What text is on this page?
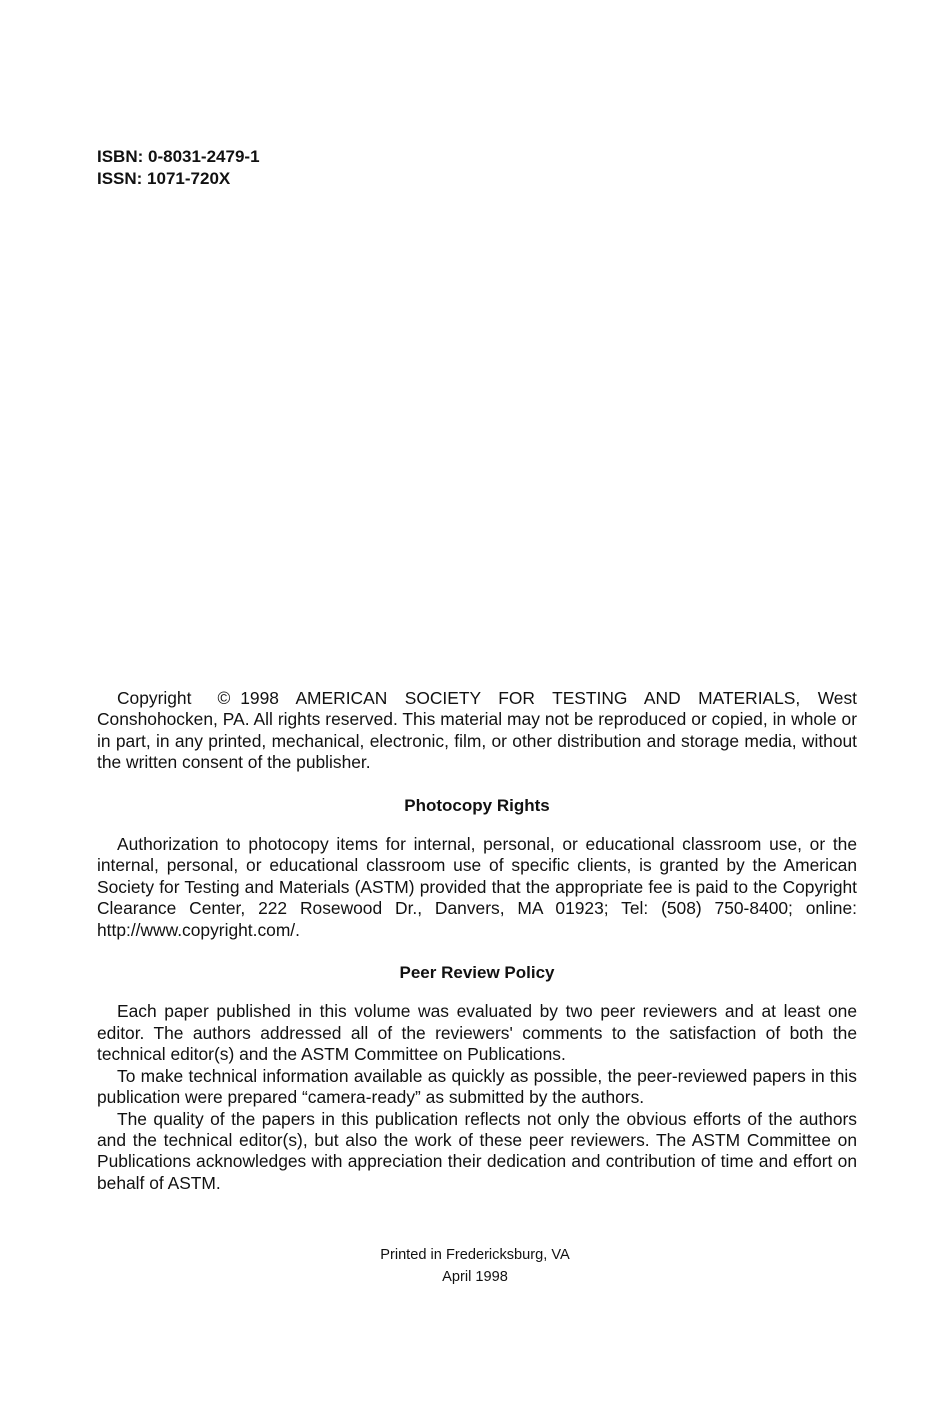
ISBN: 0-8031-2479-1
ISSN: 1071-720X

Copyright © 1998 AMERICAN SOCIETY FOR TESTING AND MATERIALS, West Conshohocken, PA. All rights reserved. This material may not be reproduced or copied, in whole or in part, in any printed, mechanical, electronic, film, or other distribution and storage media, without the written consent of the publisher.

Photocopy Rights

Authorization to photocopy items for internal, personal, or educational classroom use, or the internal, personal, or educational classroom use of specific clients, is granted by the American Society for Testing and Materials (ASTM) provided that the appropriate fee is paid to the Copyright Clearance Center, 222 Rosewood Dr., Danvers, MA 01923; Tel: (508) 750-8400; online: http://www.copyright.com/.

Peer Review Policy

Each paper published in this volume was evaluated by two peer reviewers and at least one editor. The authors addressed all of the reviewers' comments to the satisfaction of both the technical editor(s) and the ASTM Committee on Publications.

To make technical information available as quickly as possible, the peer-reviewed papers in this publication were prepared “camera-ready” as submitted by the authors.

The quality of the papers in this publication reflects not only the obvious efforts of the authors and the technical editor(s), but also the work of these peer reviewers. The ASTM Committee on Publications acknowledges with appreciation their dedication and contribution of time and effort on behalf of ASTM.

Printed in Fredericksburg, VA
April 1998
